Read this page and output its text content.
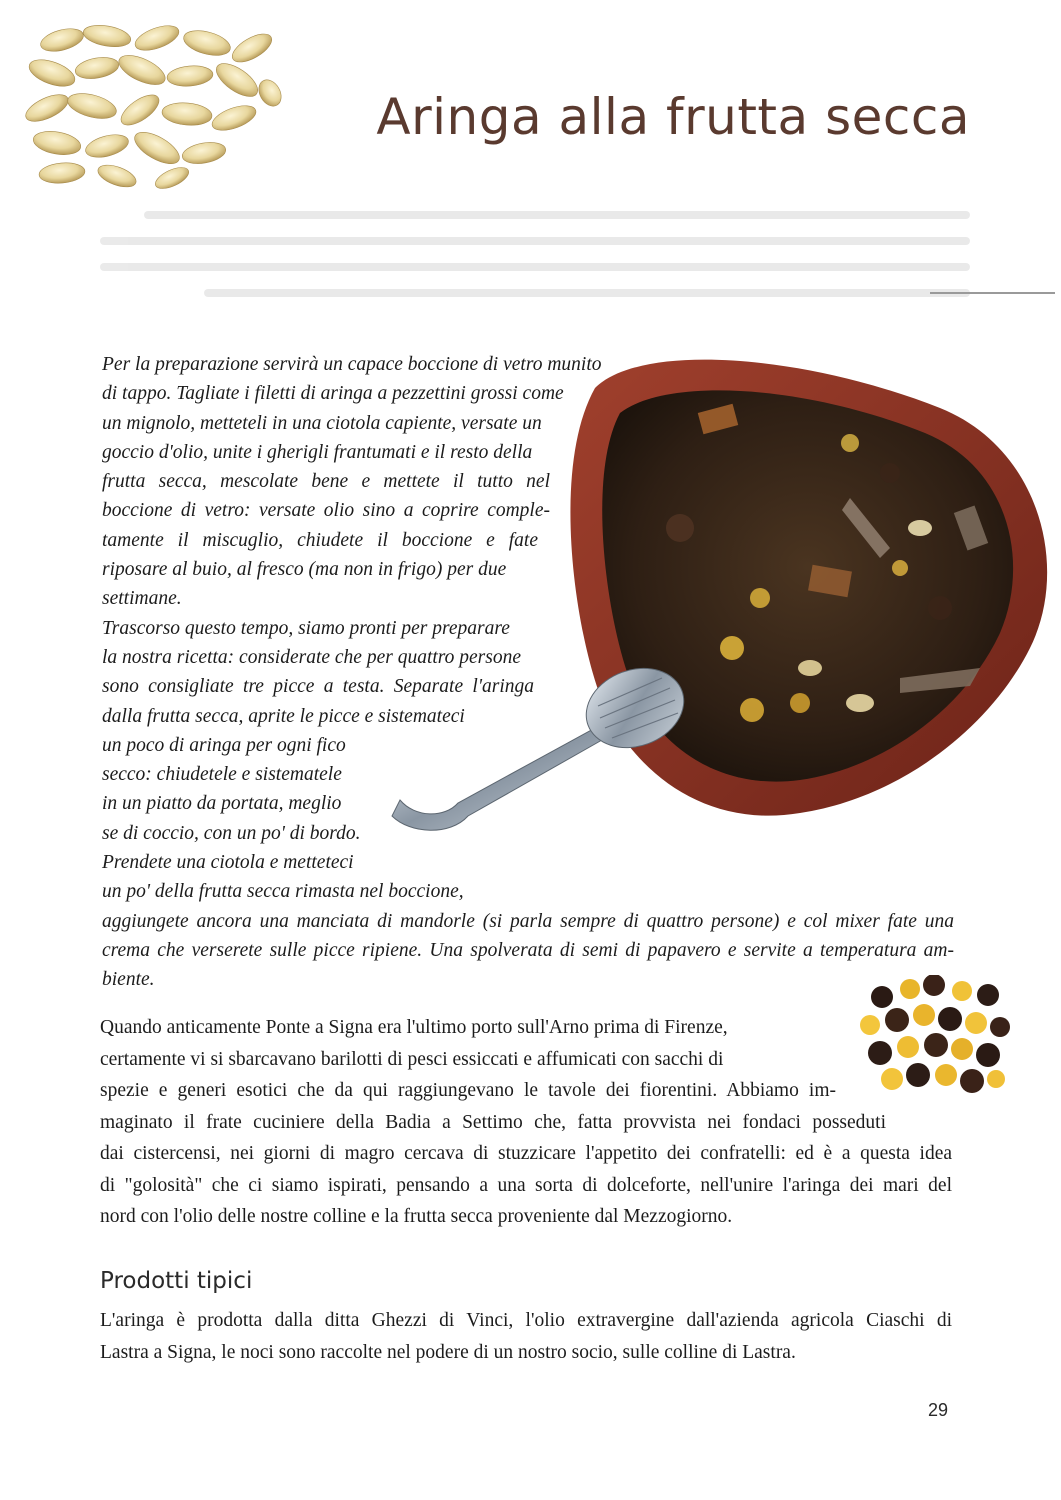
Aringa alla frutta secca
Per la preparazione servirà un capace boccione di vetro munito
di tappo. Tagliate i filetti di aringa a pezzettini grossi come
un mignolo, metteteli in una ciotola capiente, versate un
goccio d'olio, unite i gherigli frantumati e il resto della
frutta secca, mescolate bene e mettete il tutto nel
boccione di vetro: versate olio sino a coprire comple-
tamente il miscuglio, chiudete il boccione e fate
riposare al buio, al fresco (ma non in frigo) per due
settimane.
Trascorso questo tempo, siamo pronti per preparare
la nostra ricetta: considerate che per quattro persone
sono consigliate tre picce a testa. Separate l'aringa
dalla frutta secca, aprite le picce e sistemateci
un poco di aringa per ogni fico
secco: chiudetele e sistematele
in un piatto da portata, meglio
se di coccio, con un po' di bordo.
Prendete una ciotola e metteteci
un po' della frutta secca rimasta nel boccione,
aggiungete ancora una manciata di mandorle (si parla sempre di quattro persone) e col mixer fate una
crema che verserete sulle picce ripiene. Una spolverata di semi di papavero e servite a temperatura am-
biente.
Quando anticamente Ponte a Signa era l'ultimo porto sull'Arno prima di Firenze,
certamente vi si sbarcavano barilotti di pesci essiccati e affumicati con sacchi di
spezie e generi esotici che da qui raggiungevano le tavole dei fiorentini. Abbiamo im-
maginato il frate cuciniere della Badia a Settimo che, fatta provvista nei fondaci posseduti
dai cistercensi, nei giorni di magro cercava di stuzzicare l'appetito dei confratelli: ed è a questa idea
di "golosità" che ci siamo ispirati, pensando a una sorta di dolceforte, nell'unire l'aringa dei mari del
nord con l'olio delle nostre colline e la frutta secca proveniente dal Mezzogiorno.
Prodotti tipici
L'aringa è prodotta dalla ditta Ghezzi di Vinci, l'olio extravergine dall'azienda agricola Ciaschi di
Lastra a Signa, le noci sono raccolte nel podere di un nostro socio, sulle colline di Lastra.
29
